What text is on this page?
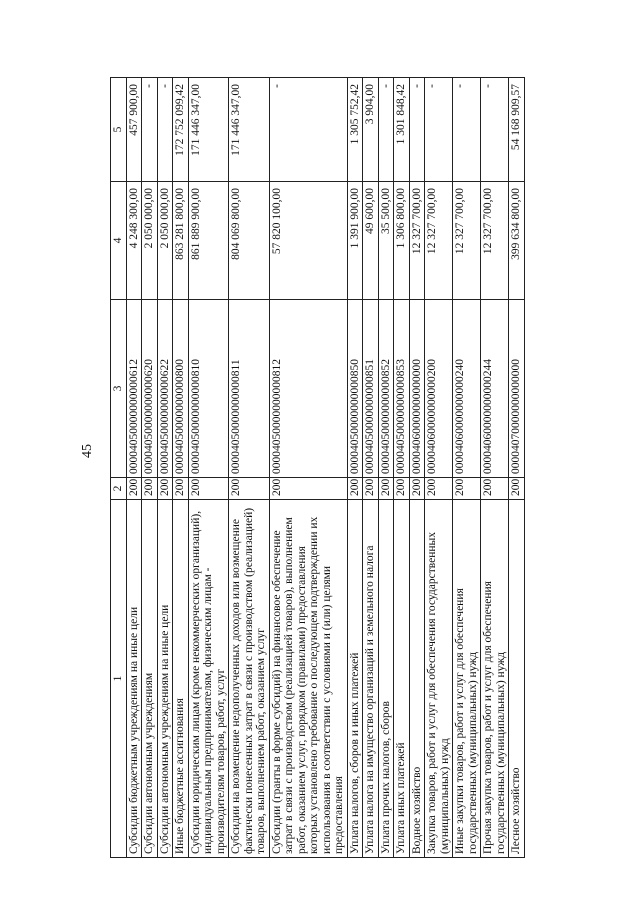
45
1	2	3	4	5
Субсидии бюджетным учреждениям на иные цели	200	00004050000000000612	4 248 300,00	457 900,00
Субсидии автономным учреждениям	200	00004050000000000620	2 050 000,00	-
Субсидии автономным учреждениям на иные цели	200	00004050000000000622	2 050 000,00	-
Иные бюджетные ассигнования	200	00004050000000000800	863 281 800,00	172 752 099,42
Субсидии юридическим лицам (кроме некоммерческих организаций), индивидуальным предпринимателям, физическим лицам - производителям товаров, работ, услуг	200	00004050000000000810	861 889 900,00	171 446 347,00
Субсидии на возмещение недополученных доходов или возмещение фактически понесенных затрат в связи с производством (реализацией) товаров, выполнением работ, оказанием услуг	200	00004050000000000811	804 069 800,00	171 446 347,00
Субсидии (гранты в форме субсидий) на финансовое обеспечение затрат в связи с производством (реализацией товаров), выполнением работ, оказанием услуг, порядком (правилами) предоставления которых установлено требование о последующем подтверждении их использования в соответствии с условиями и (или) целями предоставления	200	00004050000000000812	57 820 100,00	-
Уплата налогов, сборов и иных платежей	200	00004050000000000850	1 391 900,00	1 305 752,42
Уплата налога на имущество организаций и земельного налога	200	00004050000000000851	49 600,00	3 904,00
Уплата прочих налогов, сборов	200	00004050000000000852	35 500,00	-
Уплата иных платежей	200	00004050000000000853	1 306 800,00	1 301 848,42
Водное хозяйство	200	00004060000000000000	12 327 700,00	-
Закупка товаров, работ и услуг для обеспечения государственных (муниципальных) нужд	200	00004060000000000200	12 327 700,00	-
Иные закупки товаров, работ и услуг для обеспечения государственных (муниципальных) нужд	200	00004060000000000240	12 327 700,00	-
Прочая закупка товаров, работ и услуг для обеспечения государственных (муниципальных) нужд	200	00004060000000000244	12 327 700,00	-
Лесное хозяйство	200	00004070000000000000	399 634 800,00	54 168 909,57
